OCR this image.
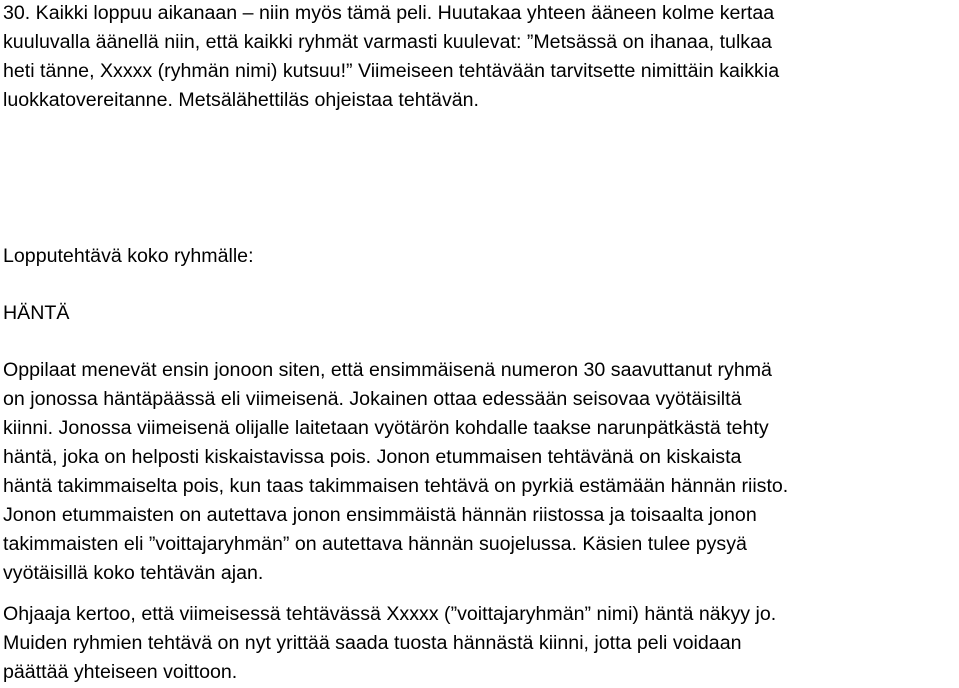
30. Kaikki loppuu aikanaan – niin myös tämä peli. Huutakaa yhteen ääneen kolme kertaa
kuuluvalla äänellä niin, että kaikki ryhmät varmasti kuulevat: ”Metsässä on ihanaa, tulkaa
heti tänne, Xxxxx (ryhmän nimi) kutsuu!” Viimeiseen tehtävään tarvitsette nimittäin kaikkia
luokkatovereitanne. Metsälähettiläs ohjeistaa tehtävän.

Lopputehtävä koko ryhmälle:

HÄNTÄ

Oppilaat menevät ensin jonoon siten, että ensimmäisenä numeron 30 saavuttanut ryhmä
on jonossa häntäpäässä eli viimeisenä. Jokainen ottaa edessään seisovaa vyötäisiltä
kiinni. Jonossa viimeisenä olijalle laitetaan vyötärön kohdalle taakse narunpätkästä tehty
häntä, joka on helposti kiskaistavissa pois. Jonon etummaisen tehtävänä on kiskaista
häntä takimmaiselta pois, kun taas takimmaisen tehtävä on pyrkiä estämään hännän riisto.
Jonon etummaisten on autettava jonon ensimmäistä hännän riistossa ja toisaalta jonon
takimmaisten eli ”voittajaryhmän” on autettava hännän suojelussa. Käsien tulee pysyä
vyötäisillä koko tehtävän ajan.

Ohjaaja kertoo, että viimeisessä tehtävässä Xxxxx (”voittajaryhmän” nimi) häntä näkyy jo.
Muiden ryhmien tehtävä on nyt yrittää saada tuosta hännästä kiinni, jotta peli voidaan
päättää yhteiseen voittoon.
